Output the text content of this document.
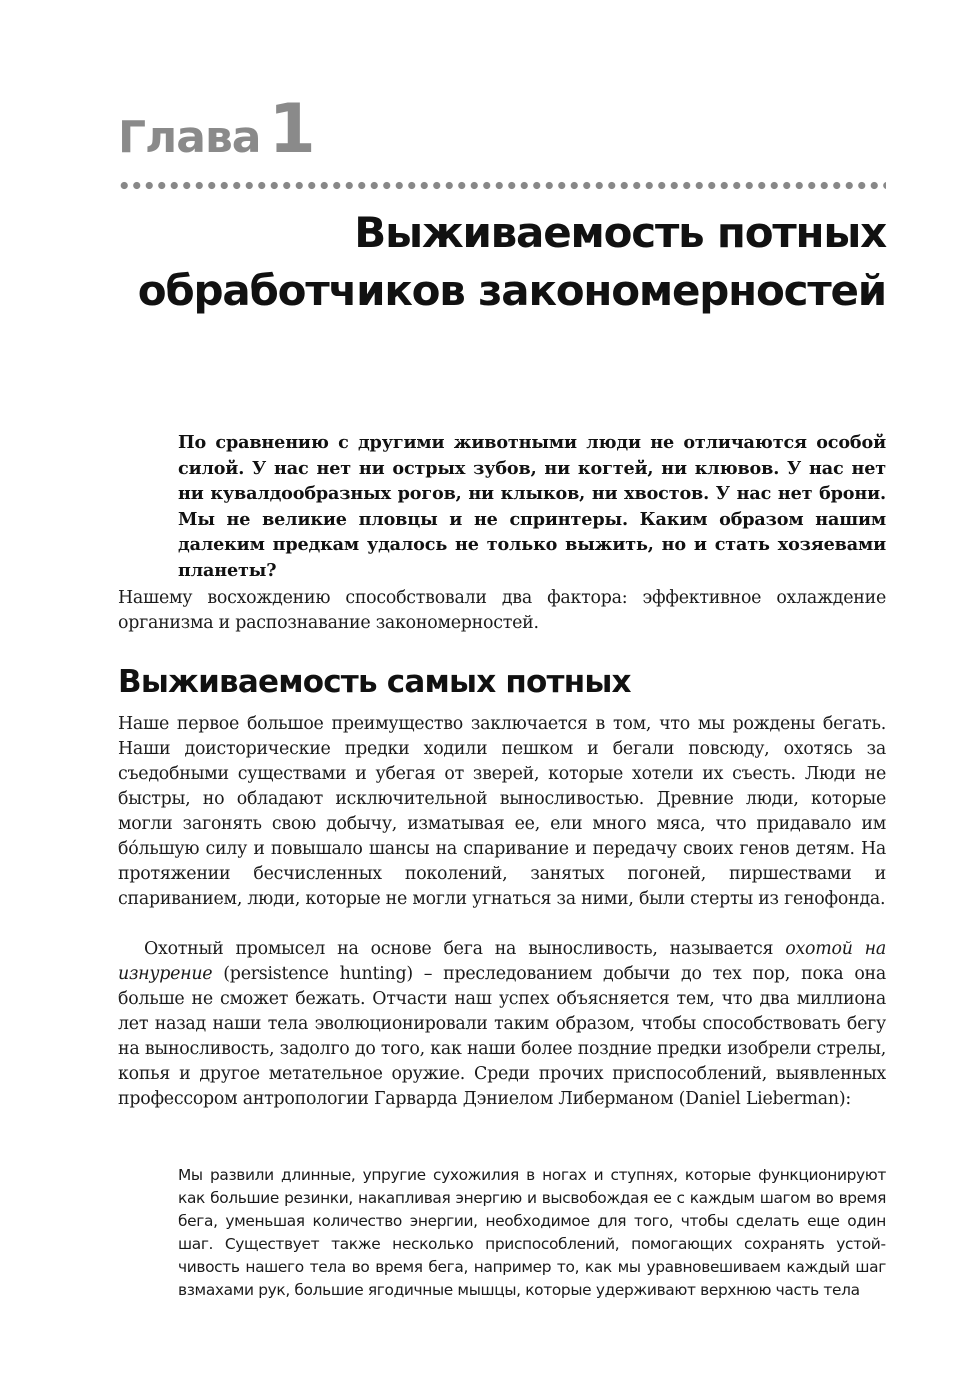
Глава 1
Выживаемость потных обработчиков закономерностей

По сравнению с другими животными люди не отличаются особой силой. У нас нет ни острых зубов, ни когтей, ни клювов. У нас нет ни кувалдообразных рогов, ни клыков, ни хвостов. У нас нет брони. Мы не великие пловцы и не спринтеры. Каким образом нашим далеким предкам удалось не только выжить, но и стать хозяевами планеты?

Нашему восхождению способствовали два фактора: эффективное охлаждение организма и распознавание закономерностей.

Выживаемость самых потных

Наше первое большое преимущество заключается в том, что мы рождены бегать. Наши доисторические предки ходили пешком и бегали повсюду, охотясь за съедобными существами и убегая от зверей, которые хотели их съесть. Люди не быстры, но обладают исключительной выносливостью. Древние люди, которые могли загонять свою добычу, изматывая ее, ели много мяса, что придавало им бо́льшую силу и повышало шансы на спаривание и передачу своих генов детям. На протяжении бесчисленных поколений, занятых погоней, пиршествами и спариванием, люди, которые не могли угнаться за ними, были стерты из генофонда.

Охотный промысел на основе бега на выносливость, называется охотой на изнурение (persistence hunting) – преследованием добычи до тех пор, пока она больше не сможет бежать. Отчасти наш успех объясняется тем, что два миллиона лет назад наши тела эволюционировали таким образом, чтобы способствовать бегу на выносливость, задолго до того, как наши более поздние предки изобрели стрелы, копья и другое метательное оружие. Среди прочих приспособлений, выявленных профессором антропологии Гарварда Дэниелом Либерманом (Daniel Lieberman):

Мы развили длинные, упругие сухожилия в ногах и ступнях, которые функционируют как большие резинки, накапливая энергию и высвобождая ее с каждым шагом во время бега, уменьшая количество энергии, необходимое для того, чтобы сделать еще один шаг. Существует также несколько приспособлений, помогающих сохранять устойчивость нашего тела во время бега, например то, как мы уравновешиваем каждый шаг взмахами рук, большие ягодичные мышцы, которые удерживают верхнюю часть тела
